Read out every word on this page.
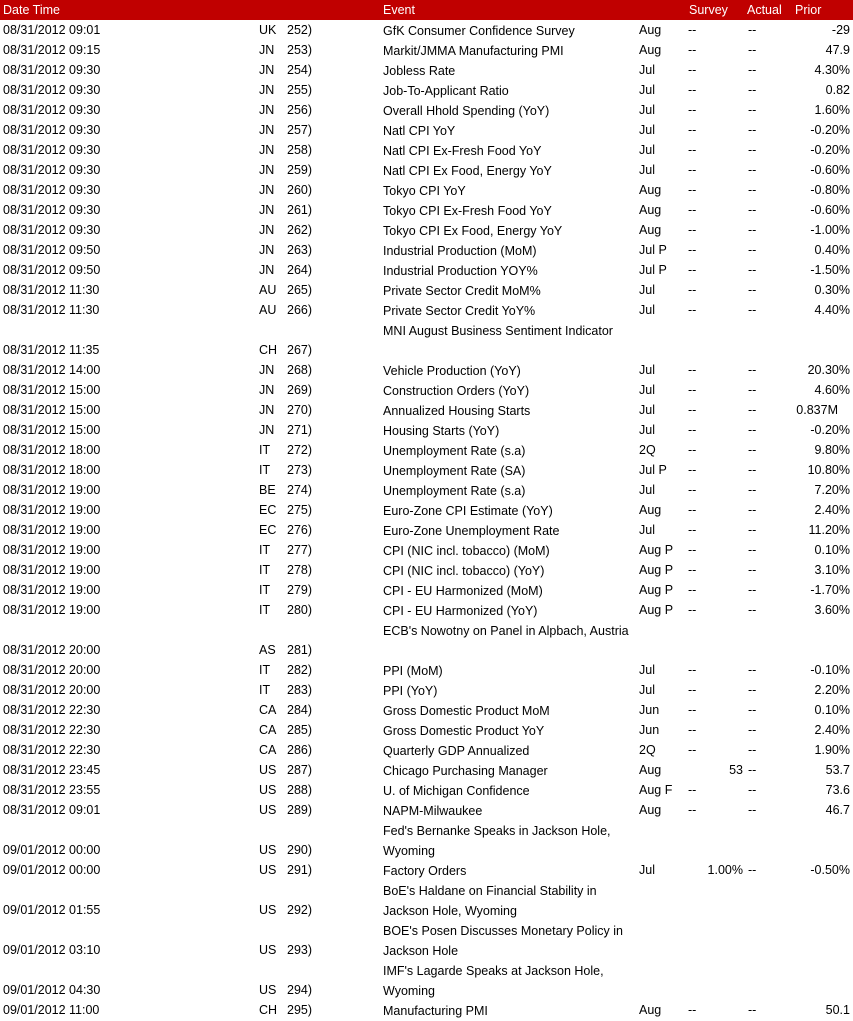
Date Time	Event	Survey Actual Prior
08/31/2012 09:01	UK 252)	GfK Consumer Confidence Survey	Aug --	--	-29
08/31/2012 09:15	JN 253)	Markit/JMMA Manufacturing PMI	Aug --	--	47.9
08/31/2012 09:30	JN 254)	Jobless Rate	Jul	--	--	4.30%
08/31/2012 09:30	JN 255)	Job-To-Applicant Ratio	Jul	--	--	0.82
08/31/2012 09:30	JN 256)	Overall Hhold Spending (YoY)	Jul	--	--	1.60%
08/31/2012 09:30	JN 257)	Natl CPI YoY	Jul	--	--	-0.20%
08/31/2012 09:30	JN 258)	Natl CPI Ex-Fresh Food YoY	Jul	--	--	-0.20%
08/31/2012 09:30	JN 259)	Natl CPI Ex Food, Energy YoY	Jul	--	--	-0.60%
08/31/2012 09:30	JN 260)	Tokyo CPI YoY	Aug --	--	-0.80%
08/31/2012 09:30	JN 261)	Tokyo CPI Ex-Fresh Food YoY	Aug --	--	-0.60%
08/31/2012 09:30	JN 262)	Tokyo CPI Ex Food, Energy YoY	Aug --	--	-1.00%
08/31/2012 09:50	JN 263)	Industrial Production (MoM)	Jul P --	--	0.40%
08/31/2012 09:50	JN 264)	Industrial Production YOY%	Jul P --	--	-1.50%
08/31/2012 11:30	AU 265)	Private Sector Credit MoM%	Jul	--	--	0.30%
08/31/2012 11:30	AU 266)	Private Sector Credit YoY%	Jul	--	--	4.40%
08/31/2012 11:35	CH 267)
MNI August Business Sentiment Indicator
08/31/2012 14:00	JN 268)	Vehicle Production (YoY)	Jul	--	--	20.30%
08/31/2012 15:00	JN 269)	Construction Orders (YoY)	Jul	--	--	4.60%
08/31/2012 15:00	JN 270)	Annualized Housing Starts	Jul	--	--	0.837M
08/31/2012 15:00	JN 271)	Housing Starts (YoY)	Jul	--	--	-0.20%
08/31/2012 18:00	IT 272)	Unemployment Rate (s.a)	2Q	--	--	9.80%
08/31/2012 18:00	IT 273)	Unemployment Rate (SA)	Jul P --	--	10.80%
08/31/2012 19:00	BE 274)	Unemployment Rate (s.a)	Jul	--	--	7.20%
08/31/2012 19:00	EC 275)	Euro-Zone CPI Estimate (YoY)	Aug --	--	2.40%
08/31/2012 19:00	EC 276)	Euro-Zone Unemployment Rate	Jul	--	--	11.20%
08/31/2012 19:00	IT 277)	CPI (NIC incl. tobacco) (MoM)	Aug P --	--	0.10%
08/31/2012 19:00	IT 278)	CPI (NIC incl. tobacco) (YoY)	Aug P --	--	3.10%
08/31/2012 19:00	IT 279)	CPI - EU Harmonized (MoM)	Aug P --	--	-1.70%
08/31/2012 19:00	IT 280)	CPI - EU Harmonized (YoY)	Aug P --	--	3.60%
08/31/2012 20:00	AS 281)
ECB's Nowotny on Panel in Alpbach, Austria
08/31/2012 20:00	IT 282)	PPI (MoM)	Jul	--	--	-0.10%
08/31/2012 20:00	IT 283)	PPI (YoY)	Jul	--	--	2.20%
08/31/2012 22:30	CA 284)	Gross Domestic Product MoM	Jun --	--	0.10%
08/31/2012 22:30	CA 285)	Gross Domestic Product YoY	Jun --	--	2.40%
08/31/2012 22:30	CA 286)	Quarterly GDP Annualized	2Q	--	--	1.90%
08/31/2012 23:45	US 287)	Chicago Purchasing Manager	Aug	53 --	53.7
08/31/2012 23:55	US 288)	U. of Michigan Confidence	Aug F --	--	73.6
08/31/2012 09:01	US 289)	NAPM-Milwaukee	Aug --	--	46.7
09/01/2012 00:00	US 290)
Fed's Bernanke Speaks in Jackson Hole, Wyoming
09/01/2012 00:00	US 291)	Factory Orders	Jul	1.00% --	-0.50%
09/01/2012 01:55	US 292)
BoE's Haldane on Financial Stability in Jackson Hole, Wyoming
09/01/2012 03:10	US 293)
BOE's Posen Discusses Monetary Policy in Jackson Hole
09/01/2012 04:30	US 294)
IMF's Lagarde Speaks at Jackson Hole, Wyoming
09/01/2012 11:00	CH 295)	Manufacturing PMI	Aug --	--	50.1
